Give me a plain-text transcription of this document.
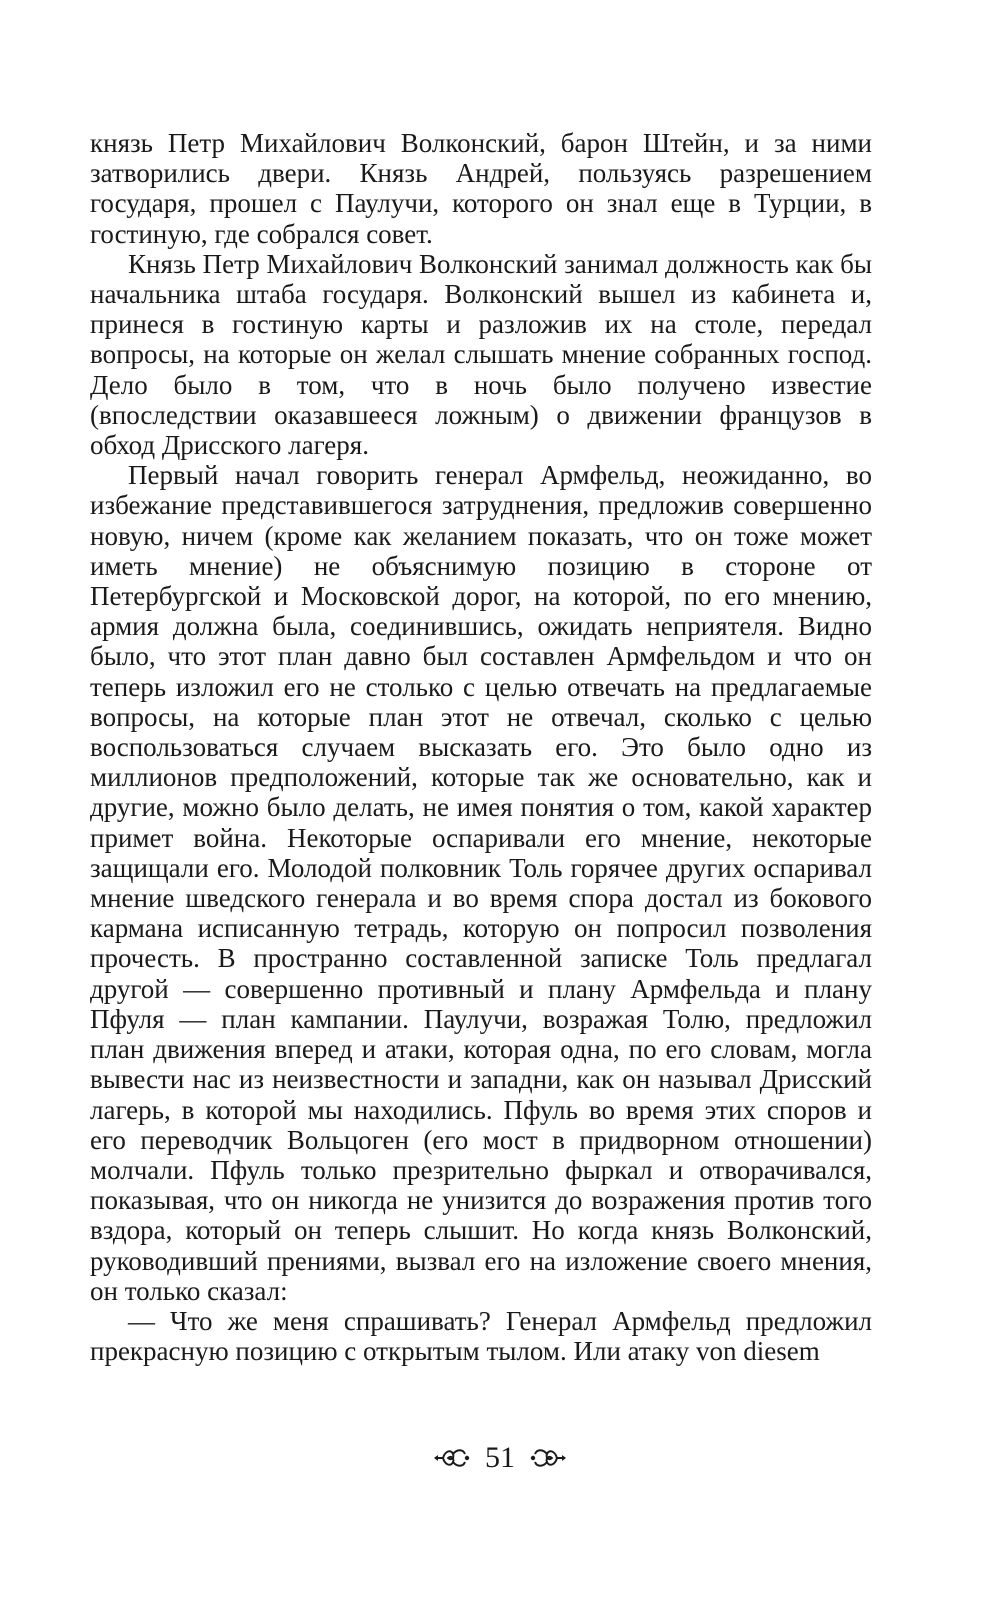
князь Петр Михайлович Волконский, барон Штейн, и за ними затворились двери. Князь Андрей, пользуясь разрешением государя, прошел с Паулучи, которого он знал еще в Турции, в гостиную, где собрался совет.

Князь Петр Михайлович Волконский занимал должность как бы начальника штаба государя. Волконский вышел из кабинета и, принеся в гостиную карты и разложив их на столе, передал вопросы, на которые он желал слышать мнение собранных господ. Дело было в том, что в ночь было получено известие (впоследствии оказавшееся ложным) о движении французов в обход Дрисского лагеря.

Первый начал говорить генерал Армфельд, неожиданно, во избежание представившегося затруднения, предложив совершенно новую, ничем (кроме как желанием показать, что он тоже может иметь мнение) не объяснимую позицию в стороне от Петербургской и Московской дорог, на которой, по его мнению, армия должна была, соединившись, ожидать неприятеля. Видно было, что этот план давно был составлен Армфельдом и что он теперь изложил его не столько с целью отвечать на предлагаемые вопросы, на которые план этот не отвечал, сколько с целью воспользоваться случаем высказать его. Это было одно из миллионов предположений, которые так же основательно, как и другие, можно было делать, не имея понятия о том, какой характер примет война. Некоторые оспаривали его мнение, некоторые защищали его. Молодой полковник Толь горячее других оспаривал мнение шведского генерала и во время спора достал из бокового кармана исписанную тетрадь, которую он попросил позволения прочесть. В пространно составленной записке Толь предлагал другой — совершенно противный и плану Армфельда и плану Пфуля — план кампании. Паулучи, возражая Толю, предложил план движения вперед и атаки, которая одна, по его словам, могла вывести нас из неизвестности и западни, как он называл Дрисский лагерь, в которой мы находились. Пфуль во время этих споров и его переводчик Вольцоген (его мост в придворном отношении) молчали. Пфуль только презрительно фыркал и отворачивался, показывая, что он никогда не унизится до возражения против того вздора, который он теперь слышит. Но когда князь Волконский, руководивший прениями, вызвал его на изложение своего мнения, он только сказал:

— Что же меня спрашивать? Генерал Армфельд предложил прекрасную позицию с открытым тылом. Или атаку von diesem

51
